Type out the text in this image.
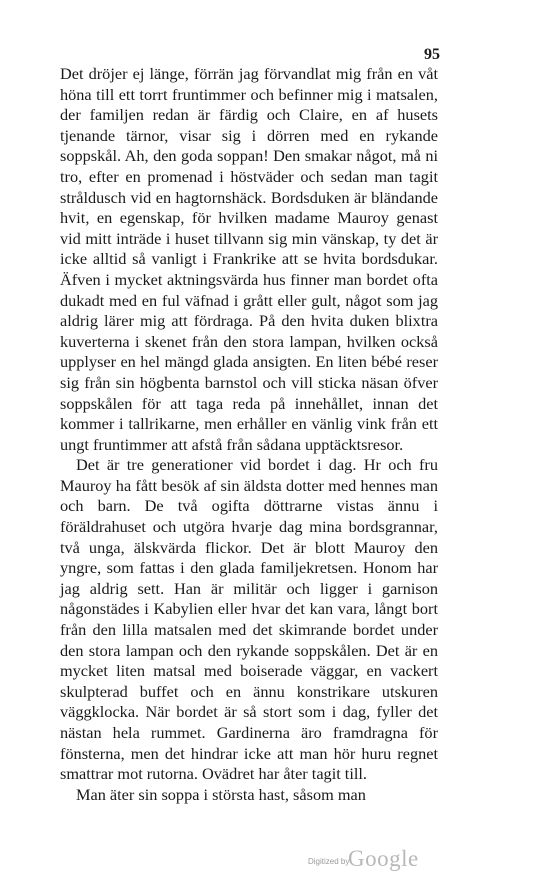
95

Det dröjer ej länge, förrän jag förvandlat mig från en våt höna till ett torrt fruntimmer och befinner mig i matsalen, der familjen redan är färdig och Claire, en af husets tjenande tärnor, visar sig i dörren med en rykande soppskål. Ah, den goda soppan! Den smakar något, må ni tro, efter en promenad i höstväder och sedan man tagit stråldusch vid en hagtornshäck. Bordsduken är bländande hvit, en egenskap, för hvilken madame Mauroy genast vid mitt inträde i huset tillvann sig min vänskap, ty det är icke alltid så vanligt i Frankrike att se hvita bordsdukar. Äfven i mycket aktningsvärda hus finner man bordet ofta dukadt med en ful väfnad i grått eller gult, något som jag aldrig lärer mig att fördraga. På den hvita duken blixtra kuverterna i skenet från den stora lampan, hvilken också upplyser en hel mängd glada ansigten. En liten bébé reser sig från sin högbenta barnstol och vill sticka näsan öfver soppskålen för att taga reda på innehållet, innan det kommer i tallrikarne, men erhåller en vänlig vink från ett ungt fruntimmer att afstå från sådana upptäcktsresor.

Det är tre generationer vid bordet i dag. Hr och fru Mauroy ha fått besök af sin äldsta dotter med hennes man och barn. De två ogifta döttrarne vistas ännu i föräldrahuset och utgöra hvarje dag mina bordsgrannar, två unga, älskvärda flickor. Det är blott Mauroy den yngre, som fattas i den glada familjekretsen. Honom har jag aldrig sett. Han är militär och ligger i garnison någonstädes i Kabylien eller hvar det kan vara, långt bort från den lilla matsalen med det skimrande bordet under den stora lampan och den rykande soppskålen. Det är en mycket liten matsal med boiserade väggar, en vackert skulpterad buffet och en ännu konstrikare utskuren väggklocka. När bordet är så stort som i dag, fyller det nästan hela rummet. Gardinerna äro framdragna för fönsterna, men det hindrar icke att man hör huru regnet smattrar mot rutorna. Ovädret har åter tagit till.

Man äter sin soppa i största hast, såsom man

Digitized by
Google
